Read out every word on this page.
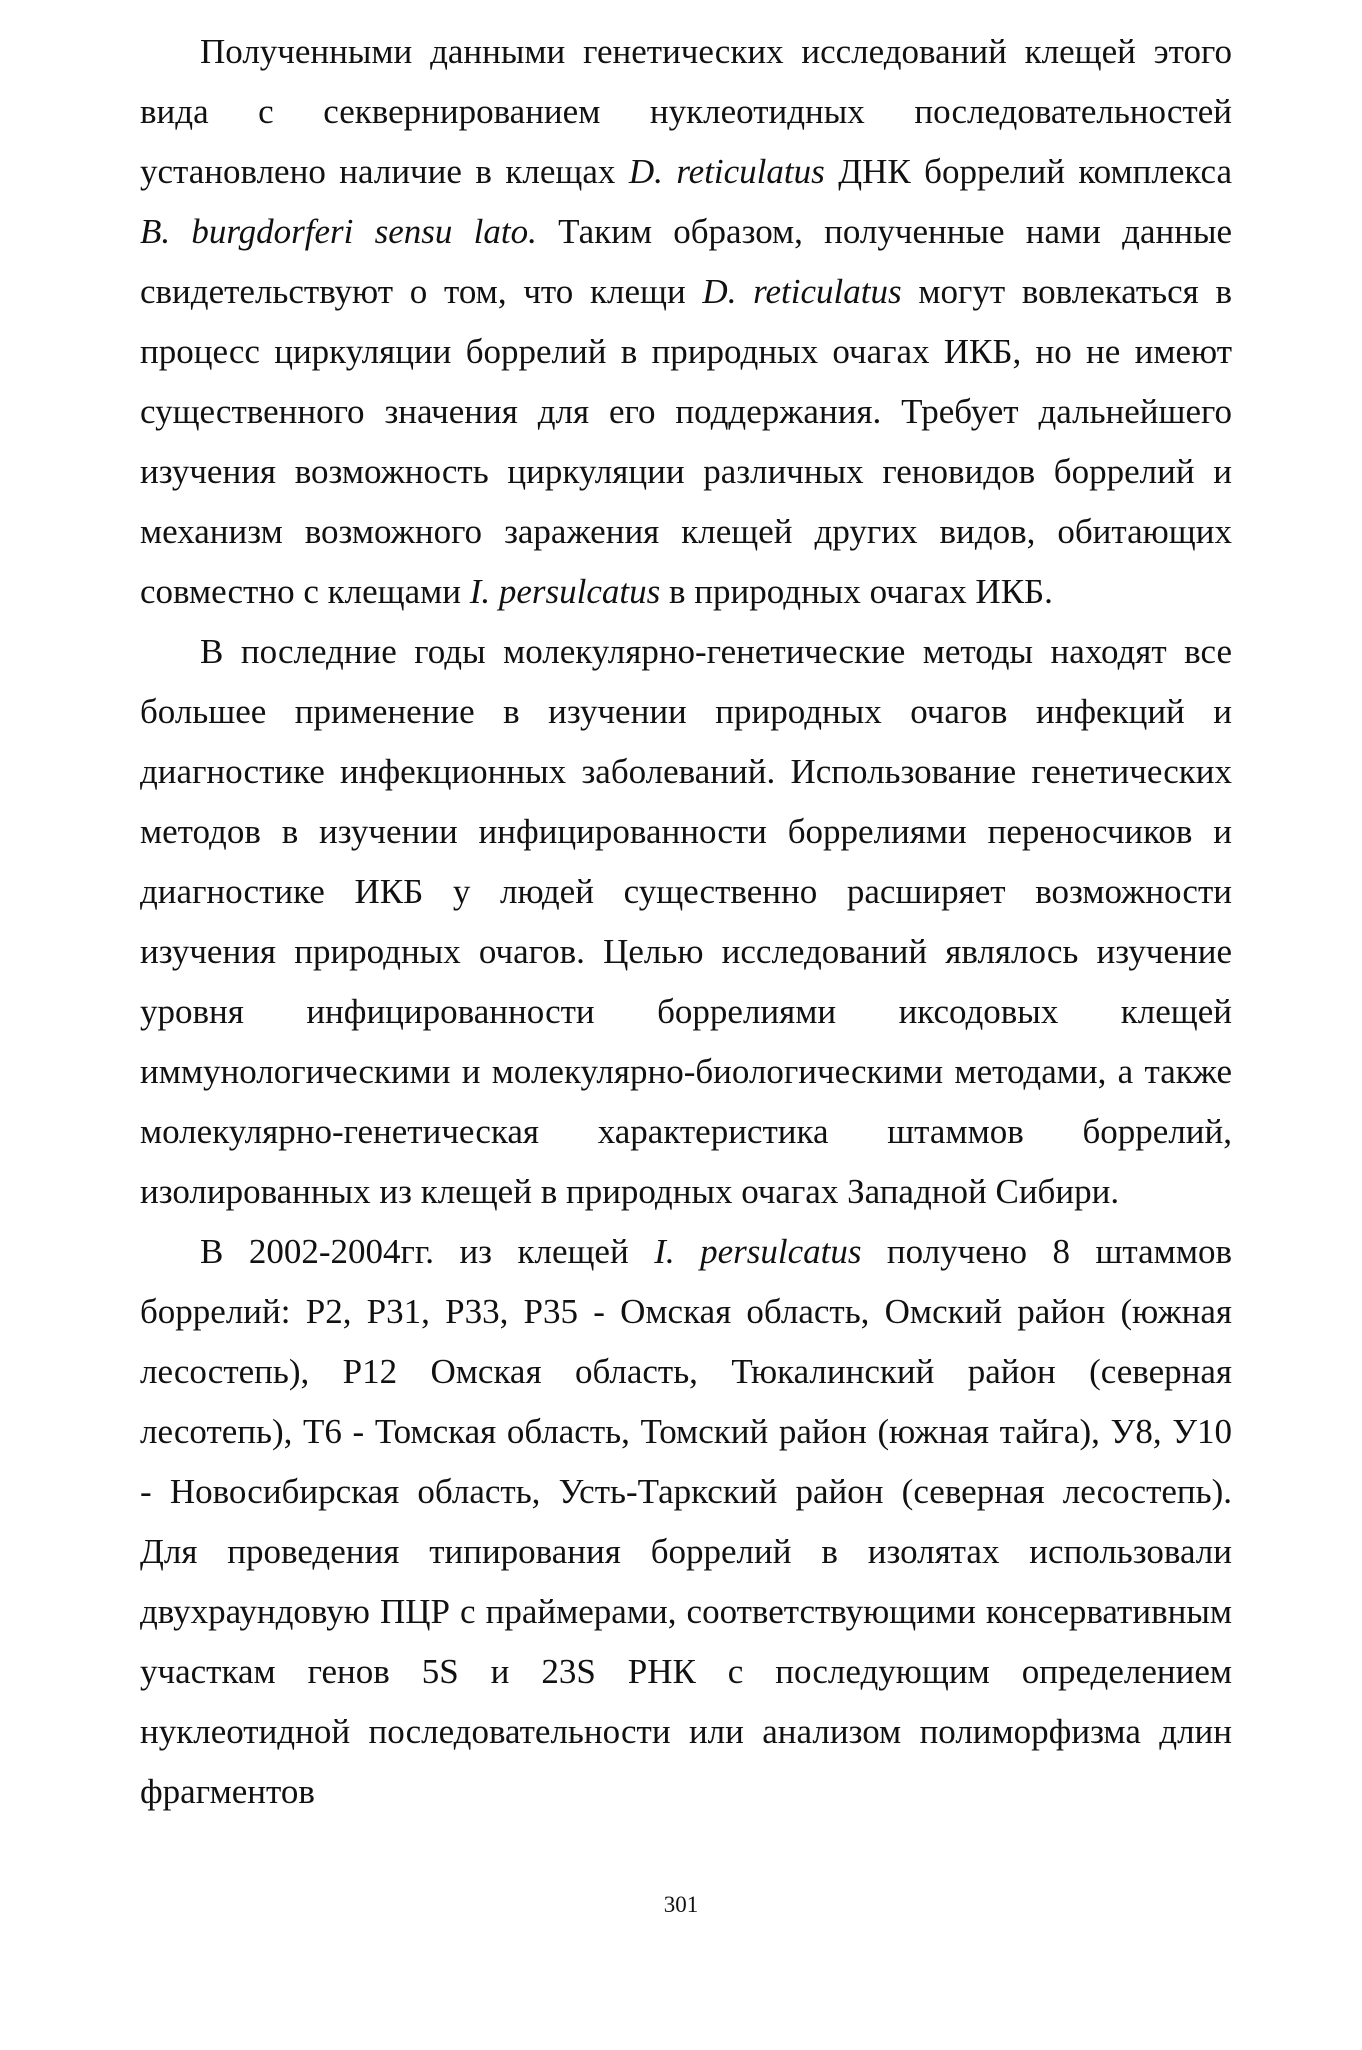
Полученными данными генетических исследований клещей этого вида с секвернированием нуклеотидных последовательностей установлено наличие в клещах D. reticulatus ДНК боррелий комплекса B. burgdorferi sensu lato. Таким образом, полученные нами данные свидетельствуют о том, что клещи D. reticulatus могут вовлекаться в процесс циркуляции боррелий в природных очагах ИКБ, но не имеют существенного значения для его поддержания. Требует дальнейшего изучения возможность циркуляции различных геновидов боррелий и механизм возможного заражения клещей других видов, обитающих совместно с клещами I. persulcatus в природных очагах ИКБ.

В последние годы молекулярно-генетические методы находят все большее применение в изучении природных очагов инфекций и диагностике инфекционных заболеваний. Использование генетических методов в изучении инфицированности боррелиями переносчиков и диагностике ИКБ у людей существенно расширяет возможности изучения природных очагов. Целью исследований являлось изучение уровня инфицированности боррелиями иксодовых клещей иммунологическими и молекулярно-биологическими методами, а также молекулярно-генетическая характеристика штаммов боррелий, изолированных из клещей в природных очагах Западной Сибири.

В 2002-2004гг. из клещей I. persulcatus получено 8 штаммов боррелий: P2, P31, P33, P35 - Омская область, Омский район (южная лесостепь), P12 Омская область, Тюкалинский район (северная лесотепь), T6 - Томская область, Томский район (южная тайга), У8, У10 - Новосибирская область, Усть-Таркский район (северная лесостепь). Для проведения типирования боррелий в изолятах использовали двухраундовую ПЦР с праймерами, соответствующими консервативным участкам генов 5S и 23S РНК с последующим определением нуклеотидной последовательности или анализом полиморфизма длин фрагментов

301
